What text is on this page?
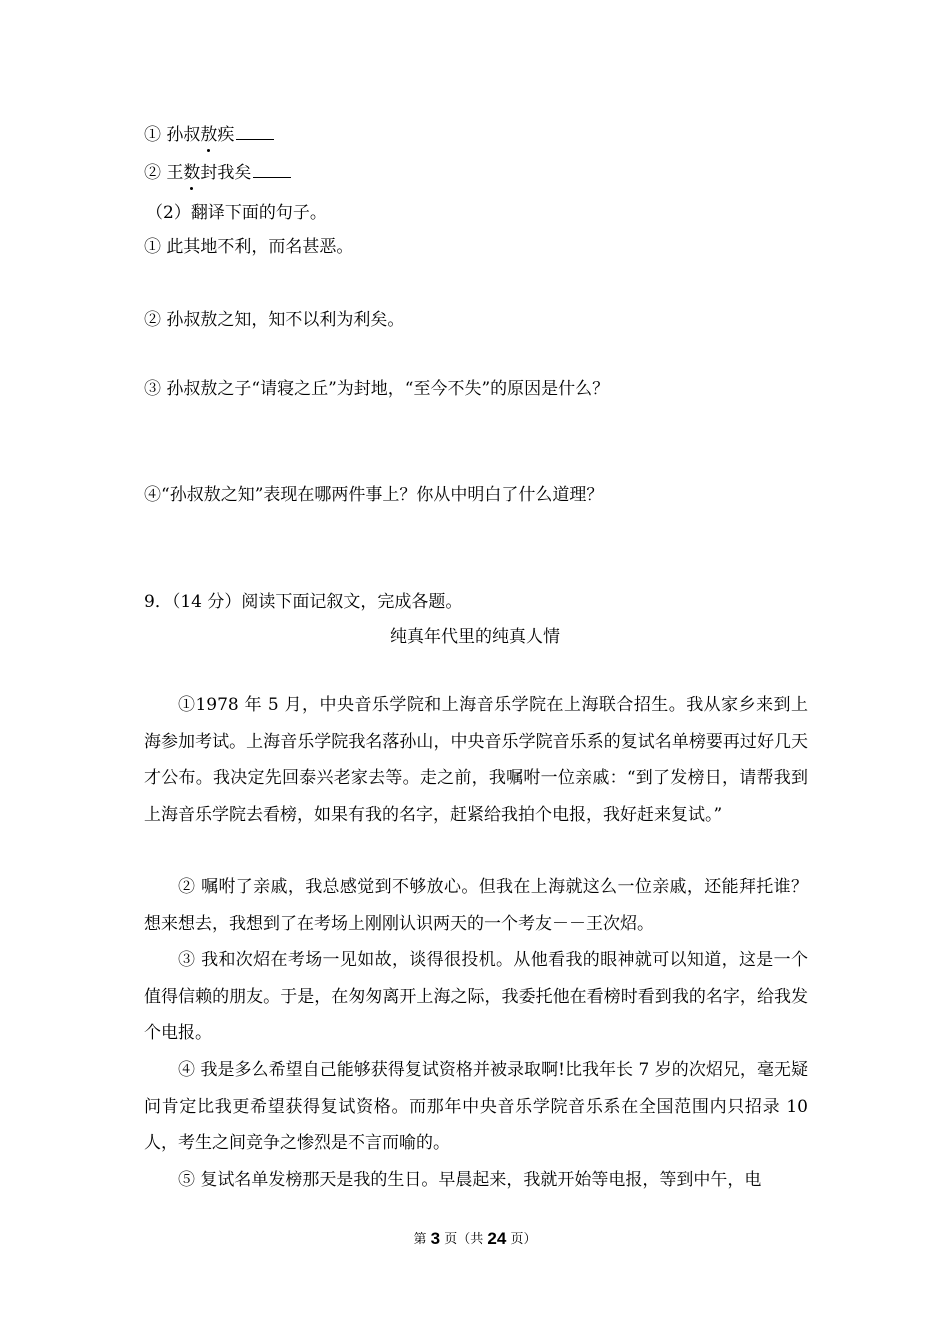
① 孙叔敖疾
② 王数封我矣
（2）翻译下面的句子。
① 此其地不利，而名甚恶。
② 孙叔敖之知，知不以利为利矣。
③ 孙叔敖之子“请寝之丘”为封地，“至今不失”的原因是什么？
④“孙叔敖之知”表现在哪两件事上？你从中明白了什么道理？
9．（14 分）阅读下面记叙文，完成各题。
纯真年代里的纯真人情

①1978 年 5 月，中央音乐学院和上海音乐学院在上海联合招生。我从家乡来到上海参加考试。上海音乐学院我名落孙山，中央音乐学院音乐系的复试名单榜要再过好几天才公布。我决定先回泰兴老家去等。走之前，我嘱咐一位亲戚：“到了发榜日，请帮我到上海音乐学院去看榜，如果有我的名字，赶紧给我拍个电报，我好赶来复试。”

② 嘱咐了亲戚，我总感觉到不够放心。但我在上海就这么一位亲戚，还能拜托谁？想来想去，我想到了在考场上刚刚认识两天的一个考友－－王次炤。

③ 我和次炤在考场一见如故，谈得很投机。从他看我的眼神就可以知道，这是一个值得信赖的朋友。于是，在匆匆离开上海之际，我委托他在看榜时看到我的名字，给我发个电报。

④ 我是多么希望自己能够获得复试资格并被录取啊!比我年长 7 岁的次炤兄，毫无疑问肯定比我更希望获得复试资格。而那年中央音乐学院音乐系在全国范围内只招录 10 人，考生之间竞争之惨烈是不言而喻的。

⑤ 复试名单发榜那天是我的生日。早晨起来，我就开始等电报，等到中午，电

第 3 页（共 24 页）
